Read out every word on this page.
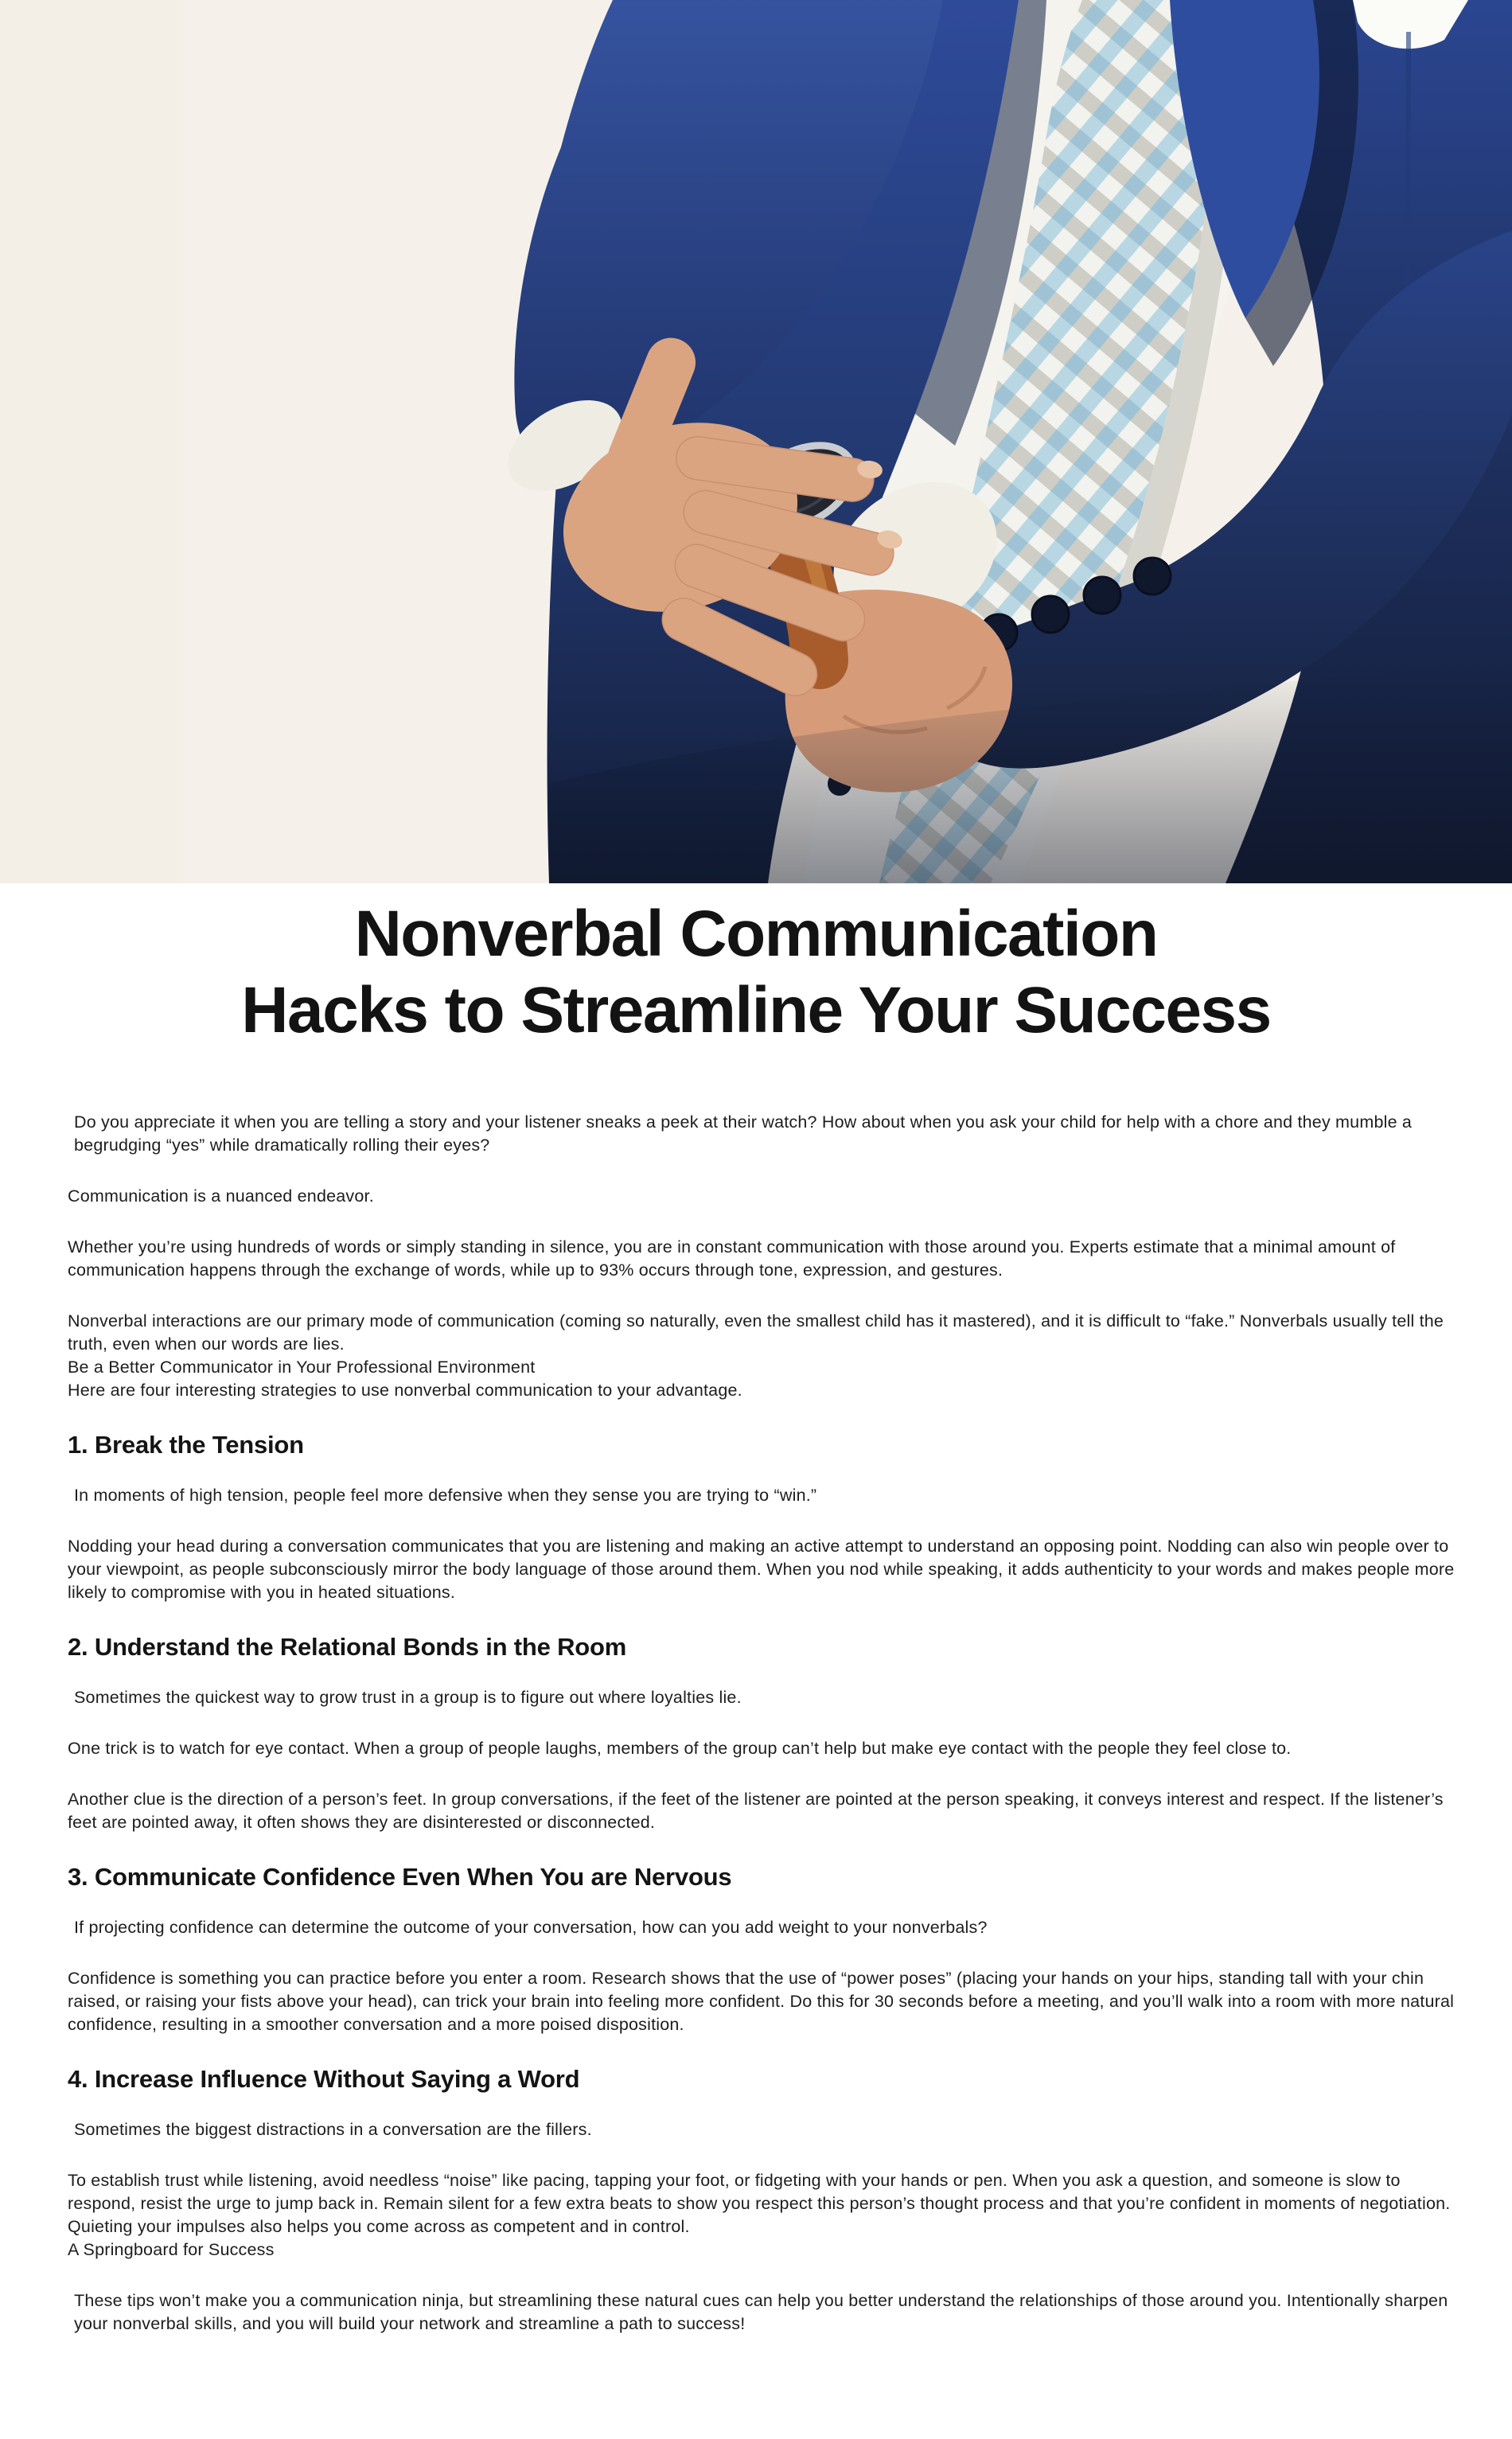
Nonverbal Communication
Hacks to Streamline Your Success

Do you appreciate it when you are telling a story and your listener sneaks a peek at their watch? How about when you ask your child for help with a chore and they mumble a begrudging “yes” while dramatically rolling their eyes?

Communication is a nuanced endeavor.

Whether you’re using hundreds of words or simply standing in silence, you are in constant communication with those around you. Experts estimate that a minimal amount of communication happens through the exchange of words, while up to 93% occurs through tone, expression, and gestures.

Nonverbal interactions are our primary mode of communication (coming so naturally, even the smallest child has it mastered), and it is difficult to “fake.” Nonverbals usually tell the truth, even when our words are lies.
Be a Better Communicator in Your Professional Environment
Here are four interesting strategies to use nonverbal communication to your advantage.

1. Break the Tension

In moments of high tension, people feel more defensive when they sense you are trying to “win.”

Nodding your head during a conversation communicates that you are listening and making an active attempt to understand an opposing point. Nodding can also win people over to your viewpoint, as people subconsciously mirror the body language of those around them. When you nod while speaking, it adds authenticity to your words and makes people more likely to compromise with you in heated situations.

2. Understand the Relational Bonds in the Room

Sometimes the quickest way to grow trust in a group is to figure out where loyalties lie.

One trick is to watch for eye contact. When a group of people laughs, members of the group can’t help but make eye contact with the people they feel close to.

Another clue is the direction of a person’s feet. In group conversations, if the feet of the listener are pointed at the person speaking, it conveys interest and respect. If the listener’s feet are pointed away, it often shows they are disinterested or disconnected.

3. Communicate Confidence Even When You are Nervous

If projecting confidence can determine the outcome of your conversation, how can you add weight to your nonverbals?

Confidence is something you can practice before you enter a room. Research shows that the use of “power poses” (placing your hands on your hips, standing tall with your chin raised, or raising your fists above your head), can trick your brain into feeling more confident. Do this for 30 seconds before a meeting, and you’ll walk into a room with more natural confidence, resulting in a smoother conversation and a more poised disposition.

4. Increase Influence Without Saying a Word

Sometimes the biggest distractions in a conversation are the fillers.

To establish trust while listening, avoid needless “noise” like pacing, tapping your foot, or fidgeting with your hands or pen. When you ask a question, and someone is slow to respond, resist the urge to jump back in. Remain silent for a few extra beats to show you respect this person’s thought process and that you’re confident in moments of negotiation. Quieting your impulses also helps you come across as competent and in control.
A Springboard for Success

These tips won’t make you a communication ninja, but streamlining these natural cues can help you better understand the relationships of those around you. Intentionally sharpen your nonverbal skills, and you will build your network and streamline a path to success!
